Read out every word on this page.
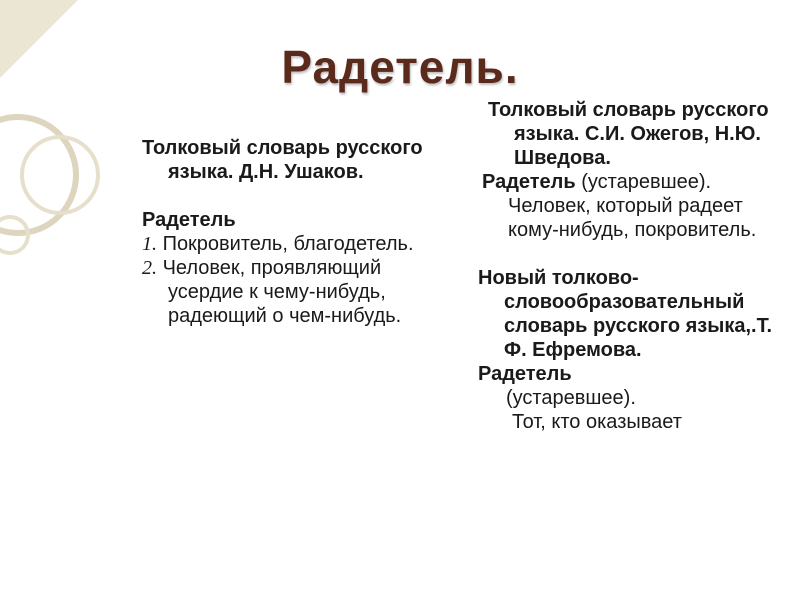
Радетель.
Толковый словарь русского языка. Д.Н. Ушаков.
Радетель
1. Покровитель, благодетель.
2. Человек, проявляющий усердие к чему-нибудь, радеющий о чем-нибудь.
Толковый словарь русского языка. С.И. Ожегов, Н.Ю. Шведова.
Радетель (устаревшее). Человек, который радеет кому-нибудь, покровитель.
Новый толково-словообразовательный словарь русского языка,.Т. Ф. Ефремова.
Радетель
(устаревшее).
Тот, кто оказывает
